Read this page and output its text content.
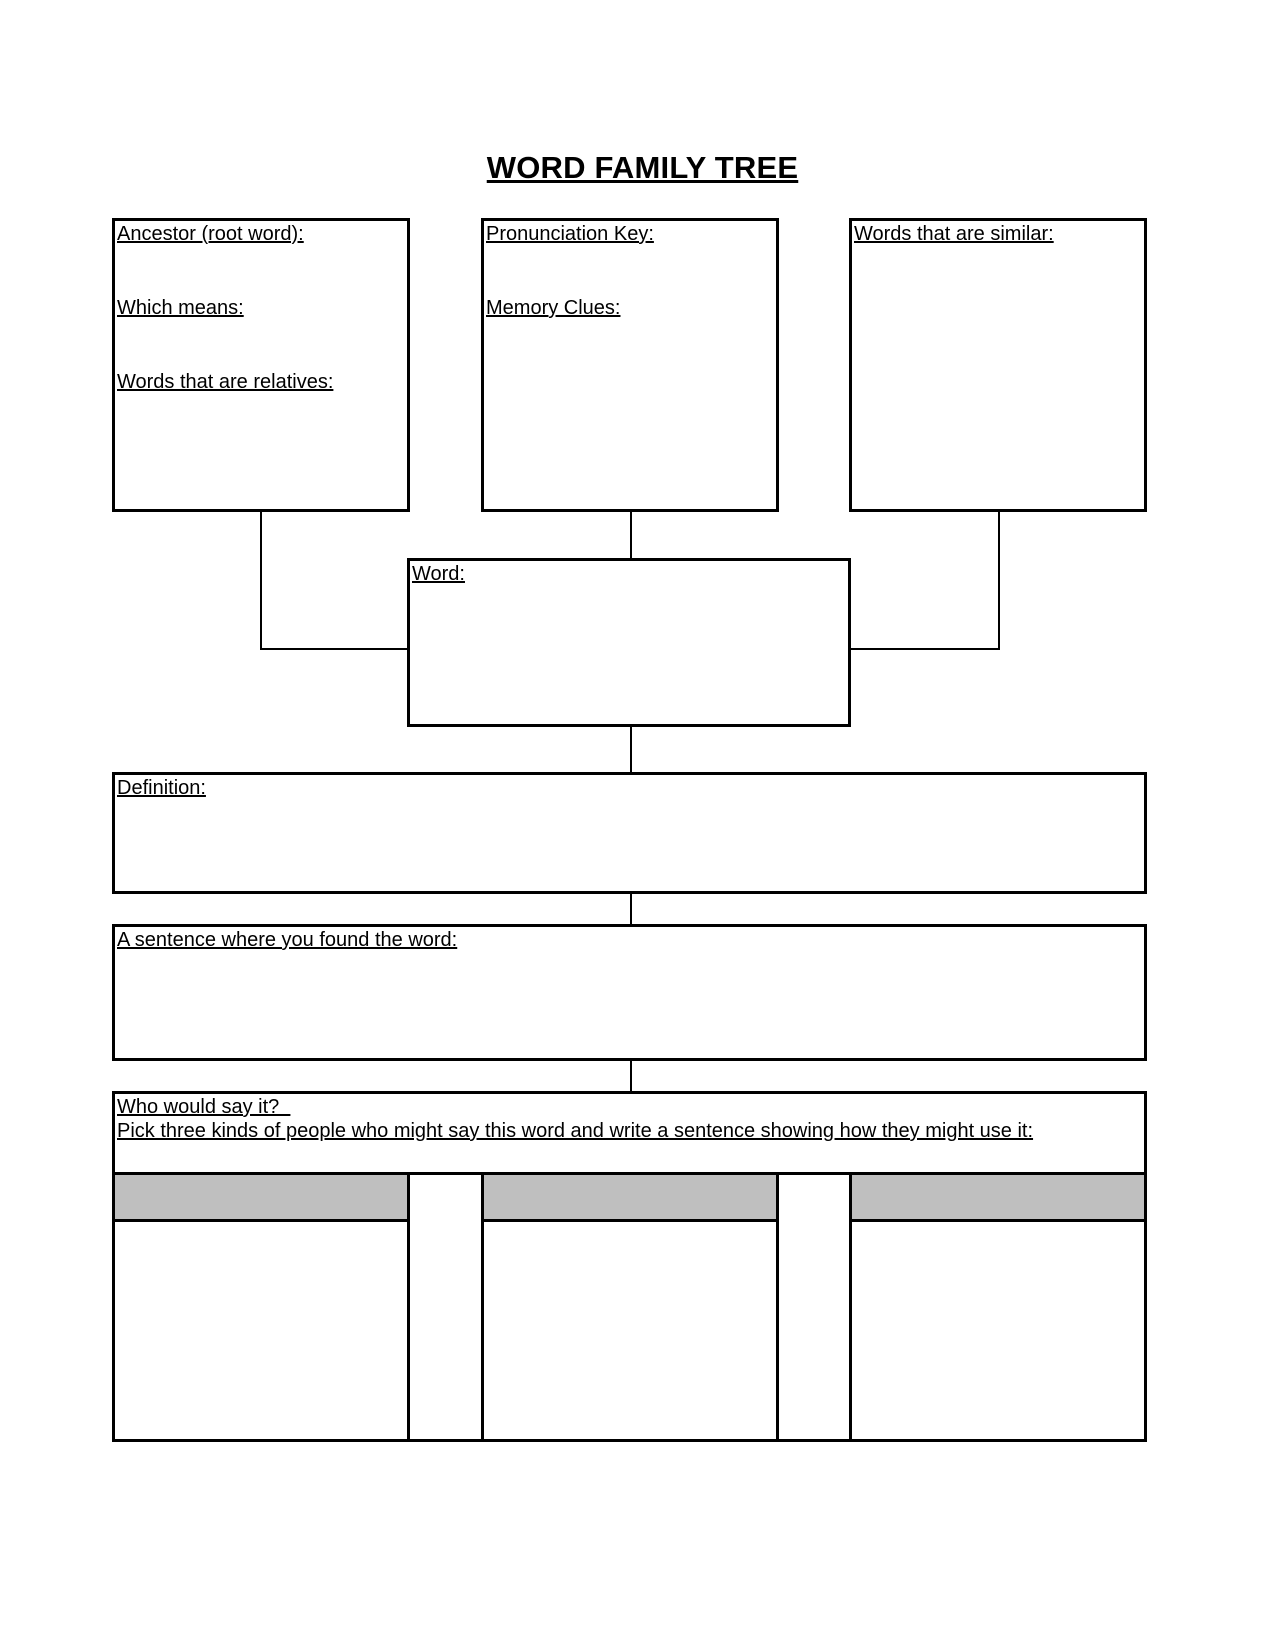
WORD FAMILY TREE
Ancestor (root word):
Which means:
Words that are relatives:
Pronunciation Key:
Memory Clues:
Words that are similar:
Word:
Definition:
A sentence where you found the word:
Who would say it?
Pick three kinds of people who might say this word and write a sentence showing how they might use it:
